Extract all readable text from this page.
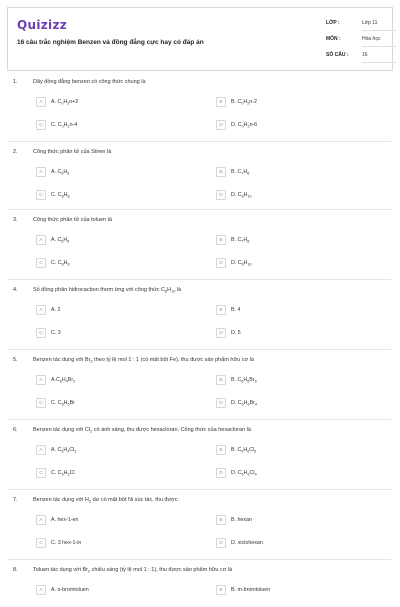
Quizizz
16 câu trắc nghiệm Benzen và đồng đẳng cực hay có đáp án
LỚP :	Lớp 11
MÔN :	Hóa học
SỐ CÂU :	16
1.	Dãy đồng đẳng benzen có công thức chung là
A	A. $C_nH_2n+2$	B	B. $C_nH_2n-2$
C	C. $C_nH_2n-4$	D	D. $C_nH_2n-6$
2.	Công thức phân tử của Stiren là
A	A. $C_6H_6$	B	B. $C_7H_8$
C	C. $C_8H_8$	D	D. $C_8H_{10}$
3.	Công thức phân tử của toluen là
A	A. $C_6H_6$	B	B. $C_7H_8$
C	C. $C_8H_8$	D	D. $C_8H_{10}$
4.	Số đồng phân hiđrocacbon thơm ứng với công thức $C_8H_{10}$ là
A	A. 2	B	B. 4
C	C. 3	D	D. 5
5.	Benzen tác dụng với $Br_2$ theo tỷ lệ mol 1 : 1 (có mặt bột Fe), thu được sản phẩm hữu cơ là
A	$A.C_6H_4Br_2$	B	B. $C_6H_6Br_6$
C	C. $C_6H_5Br$	D	D. $C_6H_6Br_4$
6.	Benzen tác dụng với $Cl_2$ có ánh sáng, thu được hexacloran. Công thức của hexacloran là
A	A. $C_6H_4Cl_2$	B	B. $C_6H_6Cl_6$
C	C. $C_6H_5Cl$	D	D. $C_6H_6Cl_4$
7.	Benzen tác dụng với $H_2$ dư có mặt bột Ni xúc tác, thu được
A	A. hex-1-en	B	B. hexan
C	C. 3 hex-1-in	D	D. xiclohexan
8.	Toluen tác dụng với $Br_2$ chiếu sáng (tỷ lệ mol 1 : 1), thu được sản phẩm hữu cơ là
A	A. o-bromtoluen	B	B. m-bromtoluen
